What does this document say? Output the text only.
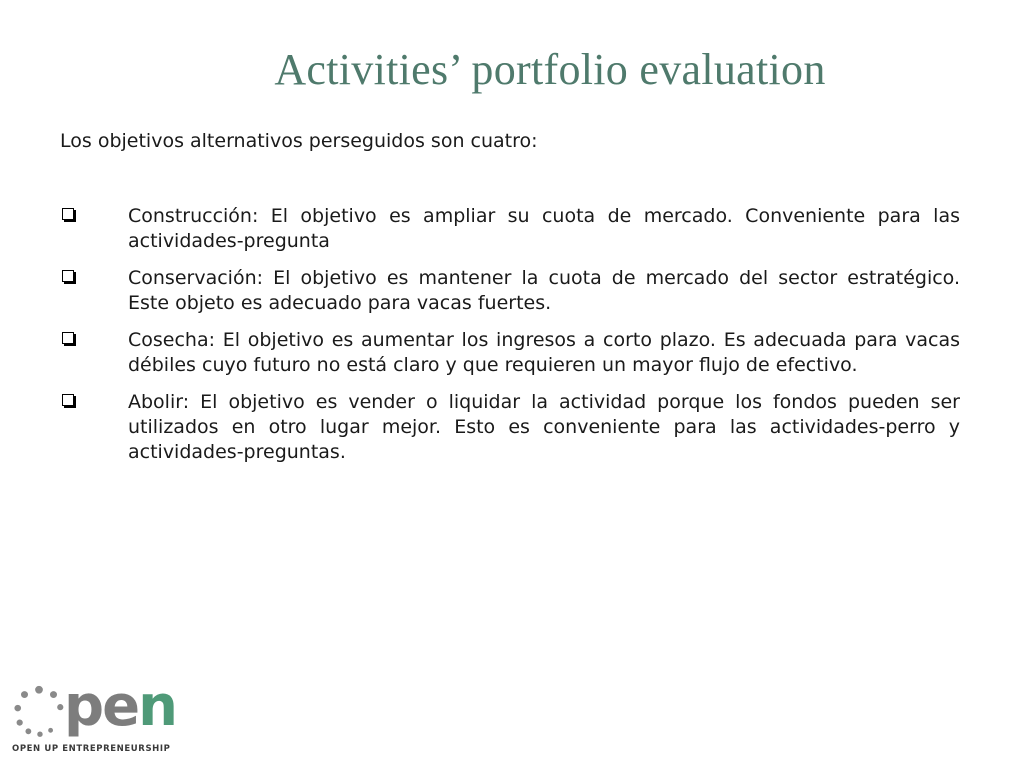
Activities’ portfolio evaluation

Los objetivos alternativos perseguidos son cuatro:

Construcción: El objetivo es ampliar su cuota de mercado. Conveniente para las actividades-pregunta
Conservación: El objetivo es mantener la cuota de mercado del sector estratégico. Este objeto es adecuado para vacas fuertes.
Cosecha: El objetivo es aumentar los ingresos a corto plazo. Es adecuada para vacas débiles cuyo futuro no está claro y que requieren un mayor flujo de efectivo.
Abolir: El objetivo es vender o liquidar la actividad porque los fondos pueden ser utilizados en otro lugar mejor. Esto es conveniente para las actividades-perro y actividades-preguntas.
pen
OPEN UP ENTREPRENEURSHIP
